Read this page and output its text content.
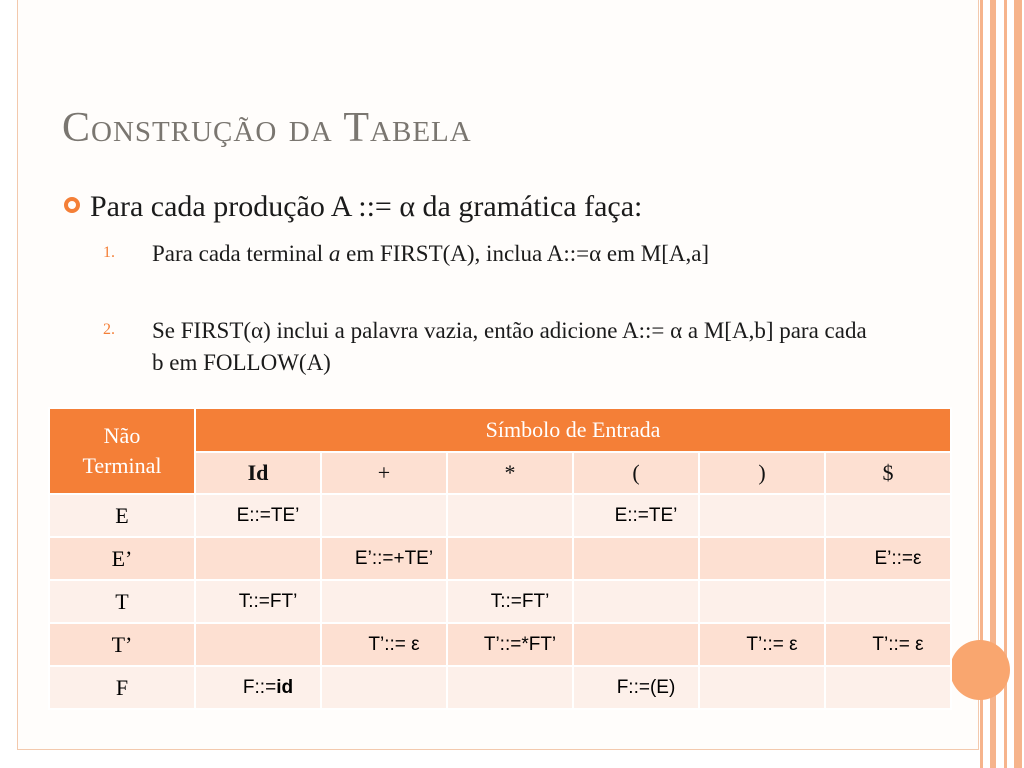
Construção da Tabela
Para cada produção A ::= α da gramática faça:
1. Para cada terminal a em FIRST(A), inclua A::=α em M[A,a]
2. Se FIRST(α) inclui a palavra vazia, então adicione A::= α a M[A,b] para cada b em FOLLOW(A)
Não Terminal	Símbolo de Entrada					
	Id	+	*	(	)	$
E	E::=TE’			E::=TE’		
E’		E’::=+TE’				E’::=ε
T	T::=FT’		T::=FT’			
T’		T’::= ε	T’::=*FT’		T’::= ε	T’::= ε
F	F::=id			F::=(E)		
